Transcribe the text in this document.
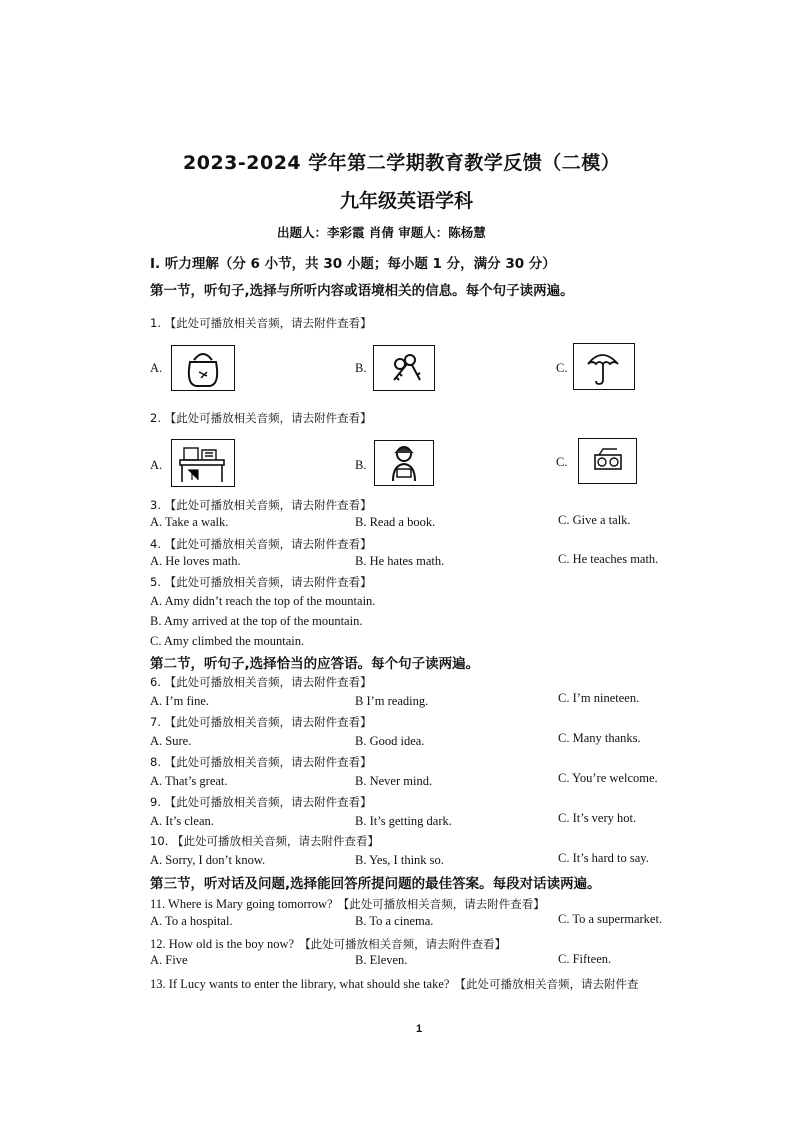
2023-2024 学年第二学期教育教学反馈（二模）
九年级英语学科
出题人：李彩霞 肖倩 审题人：陈杨慧
I. 听力理解（分 6 小节，共 30 小题；每小题 1 分，满分 30 分）
第一节，听句子,选择与所听内容或语境相关的信息。每个句子读两遍。
1. 【此处可播放相关音频，请去附件查看】
A.	B.	C.
2. 【此处可播放相关音频，请去附件查看】
A.	B.	C.
3. 【此处可播放相关音频，请去附件查看】
A. Take a walk.	B. Read a book.	C. Give a talk.
4. 【此处可播放相关音频，请去附件查看】
A. He loves math.	B. He hates math.	C. He teaches math.
5. 【此处可播放相关音频，请去附件查看】
A. Amy didn’t reach the top of the mountain.
B. Amy arrived at the top of the mountain.
C. Amy climbed the mountain.
第二节，听句子,选择恰当的应答语。每个句子读两遍。
6. 【此处可播放相关音频，请去附件查看】
A. I’m fine.	B I’m reading.	C. I’m nineteen.
7. 【此处可播放相关音频，请去附件查看】
A. Sure.	B. Good idea.	C. Many thanks.
8. 【此处可播放相关音频，请去附件查看】
A. That’s great.	B. Never mind.	C. You’re welcome.
9. 【此处可播放相关音频，请去附件查看】
A. It’s clean.	B. It’s getting dark.	C. It’s very hot.
10. 【此处可播放相关音频，请去附件查看】
A. Sorry, I don’t know.	B. Yes, I think so.	C. It’s hard to say.
第三节，听对话及问题,选择能回答所提问题的最佳答案。每段对话读两遍。
11. Where is Mary going tomorrow? 【此处可播放相关音频，请去附件查看】
A. To a hospital.	B. To a cinema.	C. To a supermarket.
12. How old is the boy now? 【此处可播放相关音频，请去附件查看】
A. Five	B. Eleven.	C. Fifteen.
13. If Lucy wants to enter the library, what should she take? 【此处可播放相关音频，请去附件查
1
